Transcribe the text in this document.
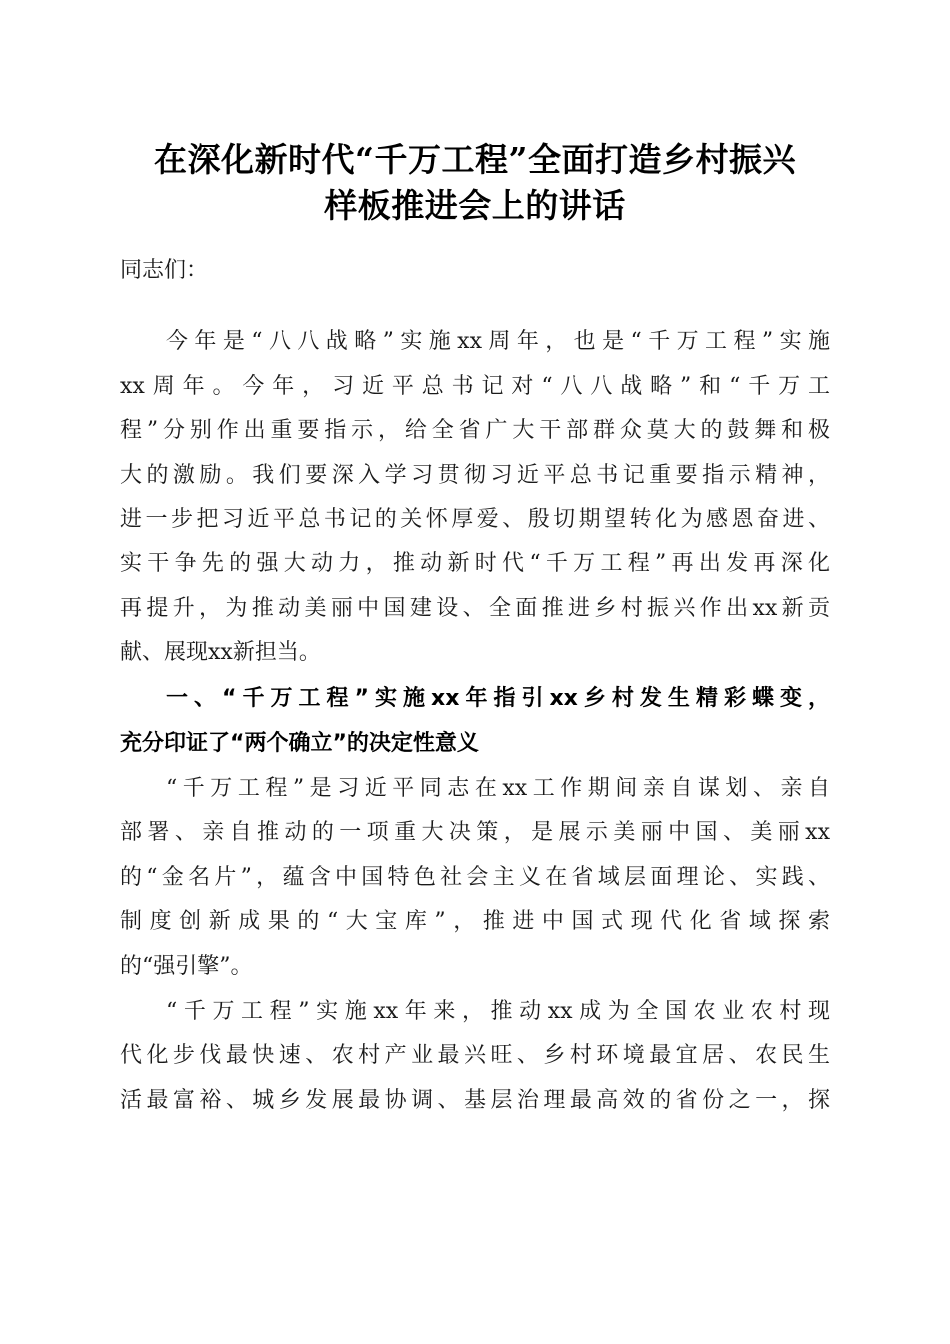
在深化新时代“千万工程”全面打造乡村振兴
样板推进会上的讲话
同志们：
今年是“八八战略”实施xx周年，也是“千万工程”实施
xx周年。今年，习近平总书记对“八八战略”和“千万工
程”分别作出重要指示，给全省广大干部群众莫大的鼓舞和极
大的激励。我们要深入学习贯彻习近平总书记重要指示精神，
进一步把习近平总书记的关怀厚爱、殷切期望转化为感恩奋进、
实干争先的强大动力，推动新时代“千万工程”再出发再深化
再提升，为推动美丽中国建设、全面推进乡村振兴作出xx新贡
献、展现xx新担当。
一、“千万工程”实施xx年指引xx乡村发生精彩蝶变，
充分印证了“两个确立”的决定性意义
“千万工程”是习近平同志在xx工作期间亲自谋划、亲自
部署、亲自推动的一项重大决策，是展示美丽中国、美丽xx
的“金名片”，蕴含中国特色社会主义在省域层面理论、实践、
制度创新成果的“大宝库”，推进中国式现代化省域探索
的“强引擎”。
“千万工程”实施xx年来，推动xx成为全国农业农村现
代化步伐最快速、农村产业最兴旺、乡村环境最宜居、农民生
活最富裕、城乡发展最协调、基层治理最高效的省份之一，探
